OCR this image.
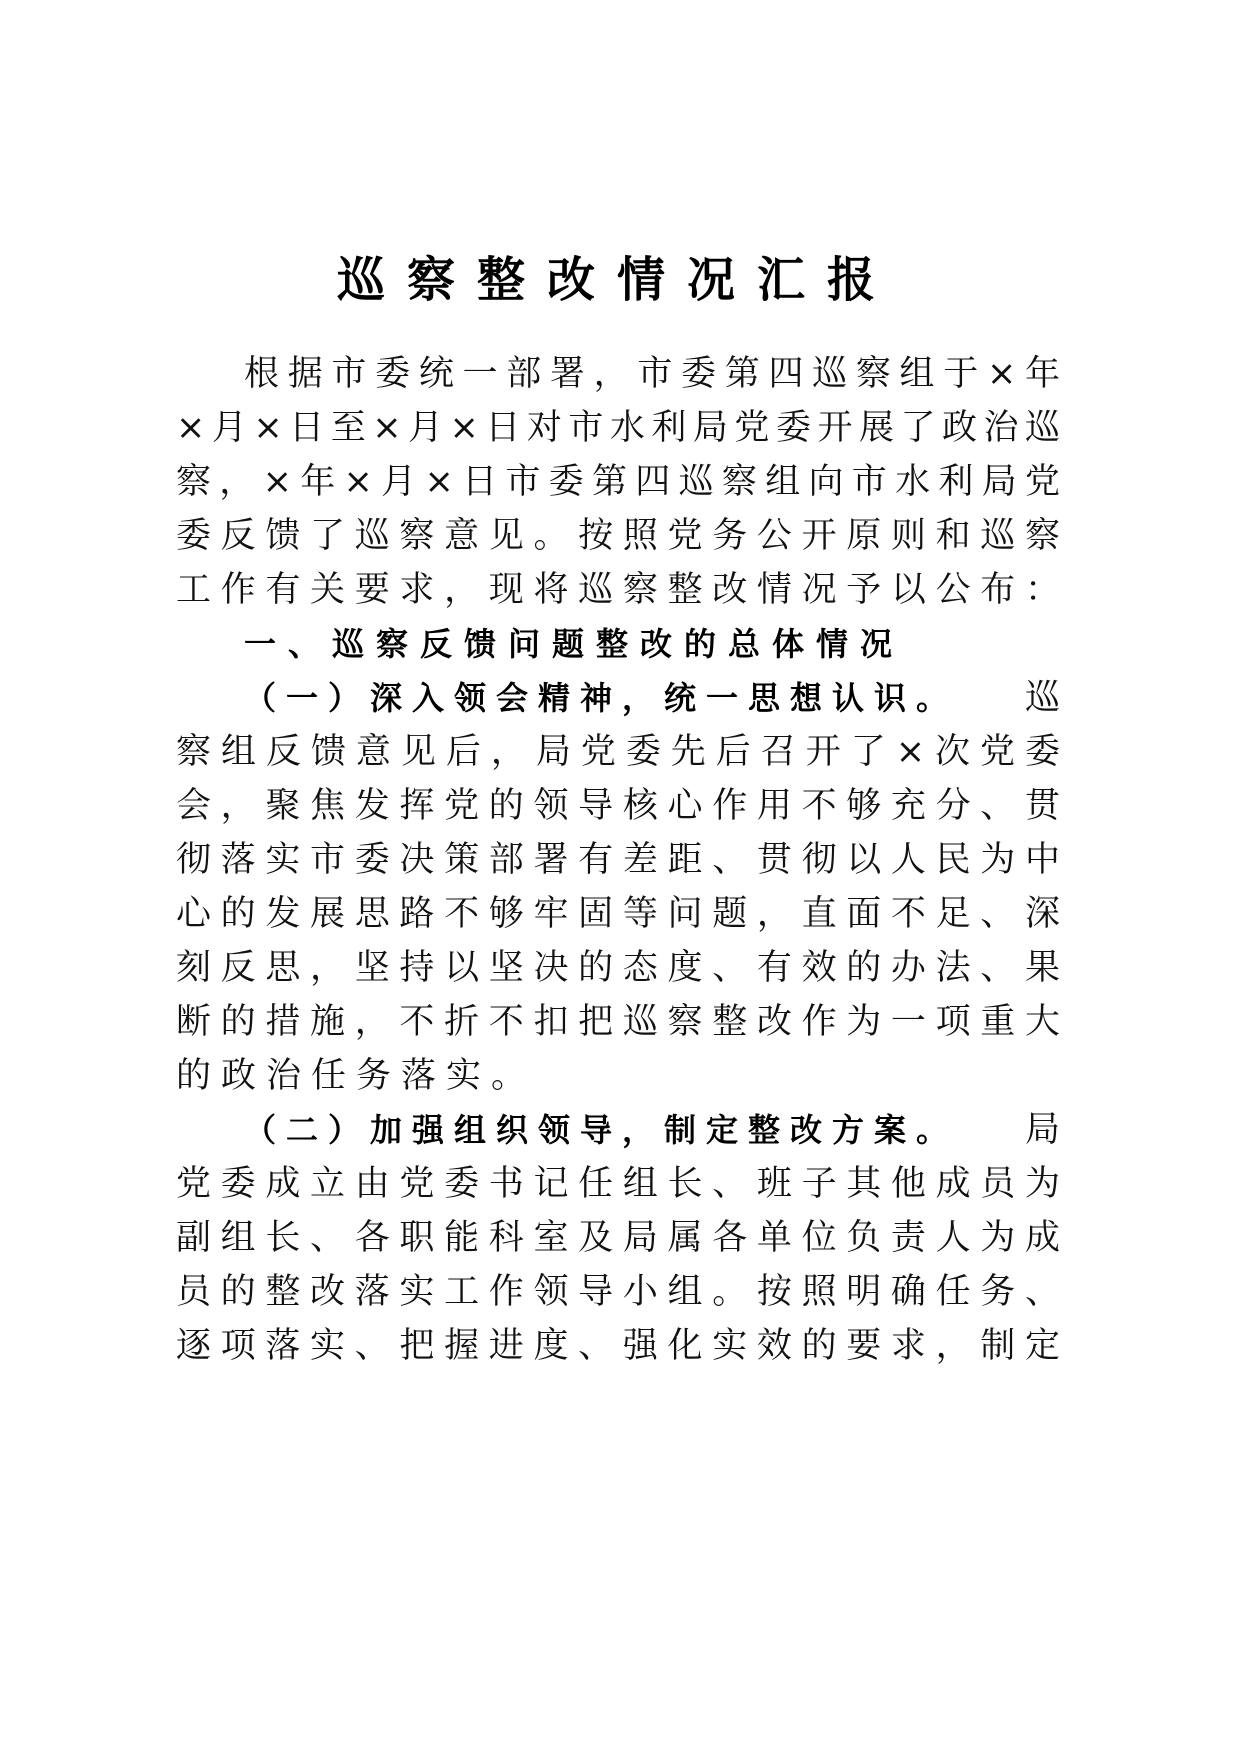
巡察整改情况汇报
根据市委统一部署，市委第四巡察组于×年
×月×日至×月×日对市水利局党委开展了政治巡
察，×年×月×日市委第四巡察组向市水利局党
委反馈了巡察意见。按照党务公开原则和巡察
工作有关要求，现将巡察整改情况予以公布：
一、巡察反馈问题整改的总体情况
（一）深入领会精神，统一思想认识。 巡
察组反馈意见后，局党委先后召开了×次党委
会，聚焦发挥党的领导核心作用不够充分、贯
彻落实市委决策部署有差距、贯彻以人民为中
心的发展思路不够牢固等问题，直面不足、深
刻反思，坚持以坚决的态度、有效的办法、果
断的措施，不折不扣把巡察整改作为一项重大
的政治任务落实。
（二）加强组织领导，制定整改方案。 局
党委成立由党委书记任组长、班子其他成员为
副组长、各职能科室及局属各单位负责人为成
员的整改落实工作领导小组。按照明确任务、
逐项落实、把握进度、强化实效的要求，制定
